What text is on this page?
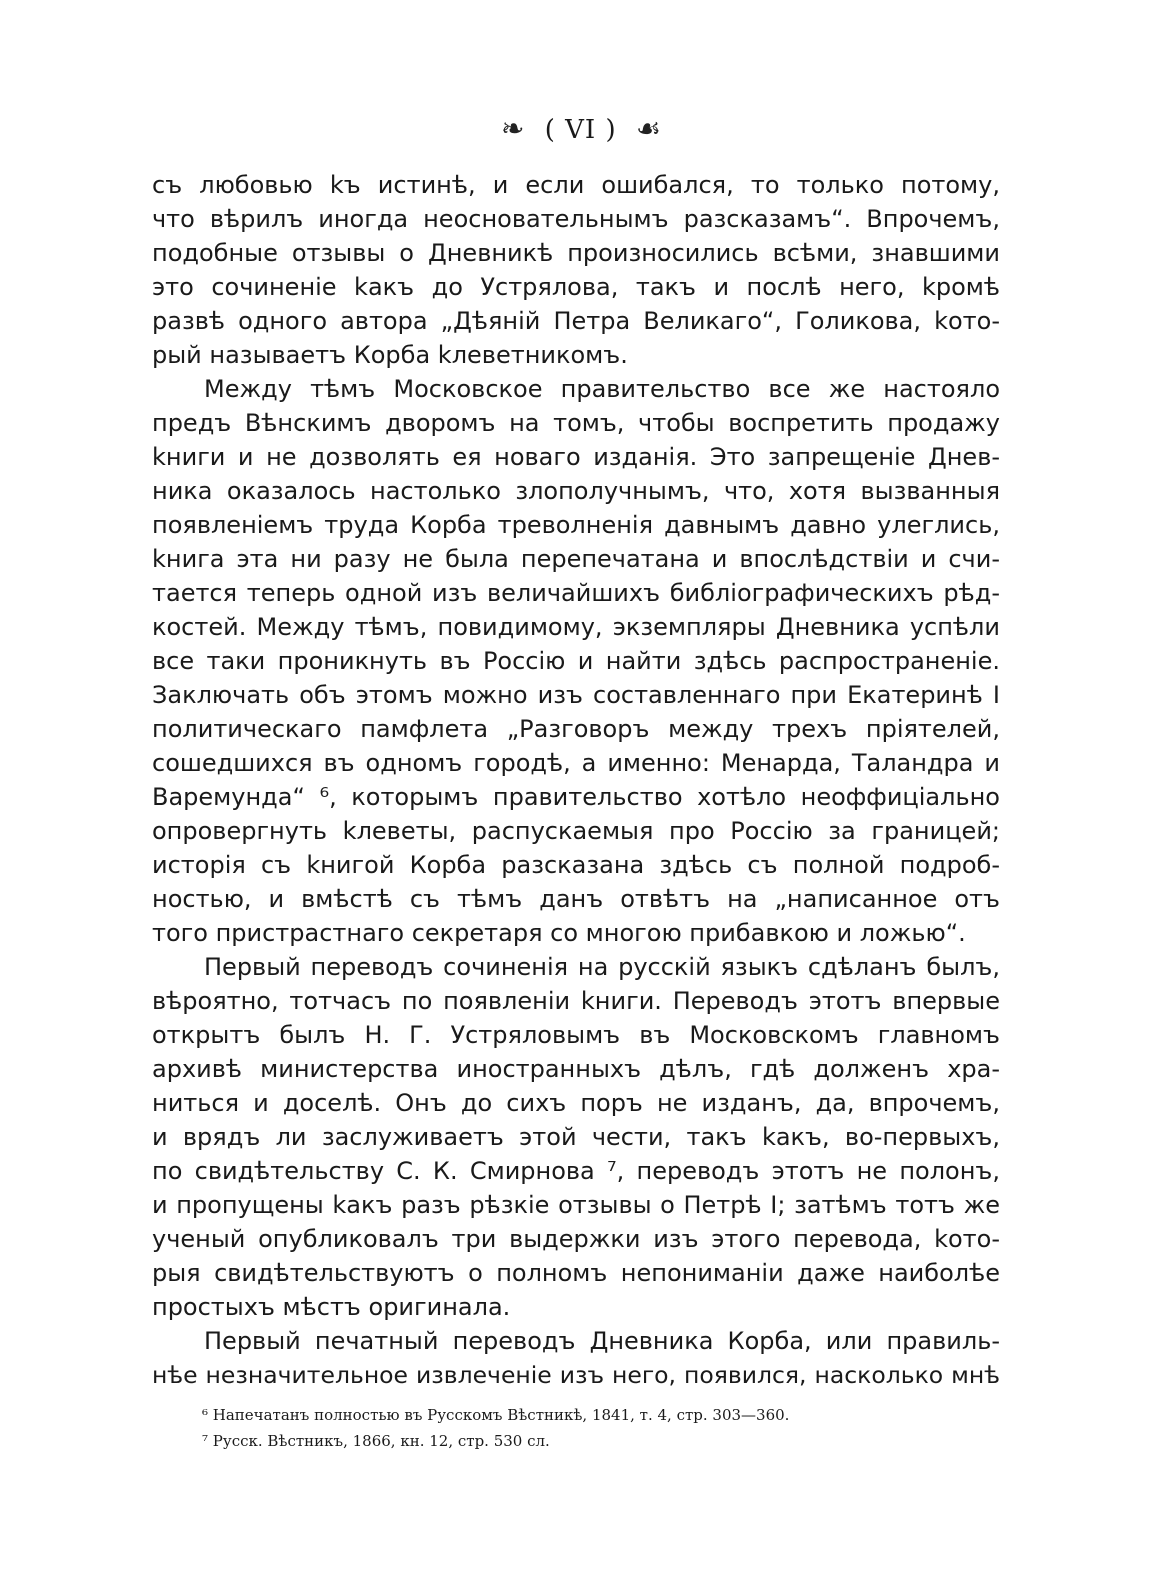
❧ ( VI ) ☙

съ любовью kъ истинѣ, и если ошибался, то только потому,

что вѣрилъ иногда неосновательнымъ разсказамъ“. Впрочемъ,

подобные отзывы о Дневникѣ произносились всѣми, знавшими

это сочиненіе kакъ до Устрялова, такъ и послѣ него, kромѣ

развѣ одного автора „Дѣяній Петра Великаго“, Голикова, kото-

рый называетъ Корба kлеветникомъ.

Между тѣмъ Московское правительство все же настояло

предъ Вѣнскимъ дворомъ на томъ, чтобы воспретить продажу

kниги и не дозволять ея новаго изданія. Это запрещеніе Днев-

ника оказалось настолько злополучнымъ, что, хотя вызванныя

появленіемъ труда Корба треволненія давнымъ давно улеглись,

kнига эта ни разу не была перепечатана и впослѣдствіи и счи-

тается теперь одной изъ величайшихъ библіографическихъ рѣд-

костей. Между тѣмъ, повидимому, экземпляры Дневника успѣли

все таки проникнуть въ Россію и найти здѣсь распространеніе.

Заключать объ этомъ можно изъ составленнаго при Екатеринѣ I

политическаго памфлета „Разговоръ между трехъ пріятелей,

сошедшихся въ одномъ городѣ, а именно: Менарда, Таландра и

Варемунда“ ⁶, которымъ правительство хотѣло неоффиціально

опровергнуть kлеветы, распускаемыя про Россію за границей;

исторія съ kнигой Корба разсказана здѣсь съ полной подроб-

ностью, и вмѣстѣ съ тѣмъ данъ отвѣтъ на „написанное отъ

того пристрастнаго секретаря со многою прибавкою и ложью“.

Первый переводъ сочиненія на русскій языкъ сдѣланъ былъ,

вѣроятно, тотчасъ по появленіи kниги. Переводъ этотъ впервые

открытъ былъ Н. Г. Устряловымъ въ Московскомъ главномъ

архивѣ министерства иностранныхъ дѣлъ, гдѣ долженъ хра-

ниться и доселѣ. Онъ до сихъ поръ не изданъ, да, впрочемъ,

и врядъ ли заслуживаетъ этой чести, такъ kакъ, во-первыхъ,

по свидѣтельству С. К. Смирнова ⁷, переводъ этотъ не полонъ,

и пропущены kакъ разъ рѣзкіе отзывы о Петрѣ I; затѣмъ тотъ же

ученый опубликовалъ три выдержки изъ этого перевода, kото-

рыя свидѣтельствуютъ о полномъ непониманіи даже наиболѣе

простыхъ мѣстъ оригинала.

Первый печатный переводъ Дневника Корба, или правиль-

нѣе незначительное извлеченіе изъ него, появился, насколько мнѣ

⁶ Напечатанъ полностью въ Русскомъ Вѣстникѣ, 1841, т. 4, стр. 303—360.
⁷ Русск. Вѣстникъ, 1866, кн. 12, стр. 530 сл.
